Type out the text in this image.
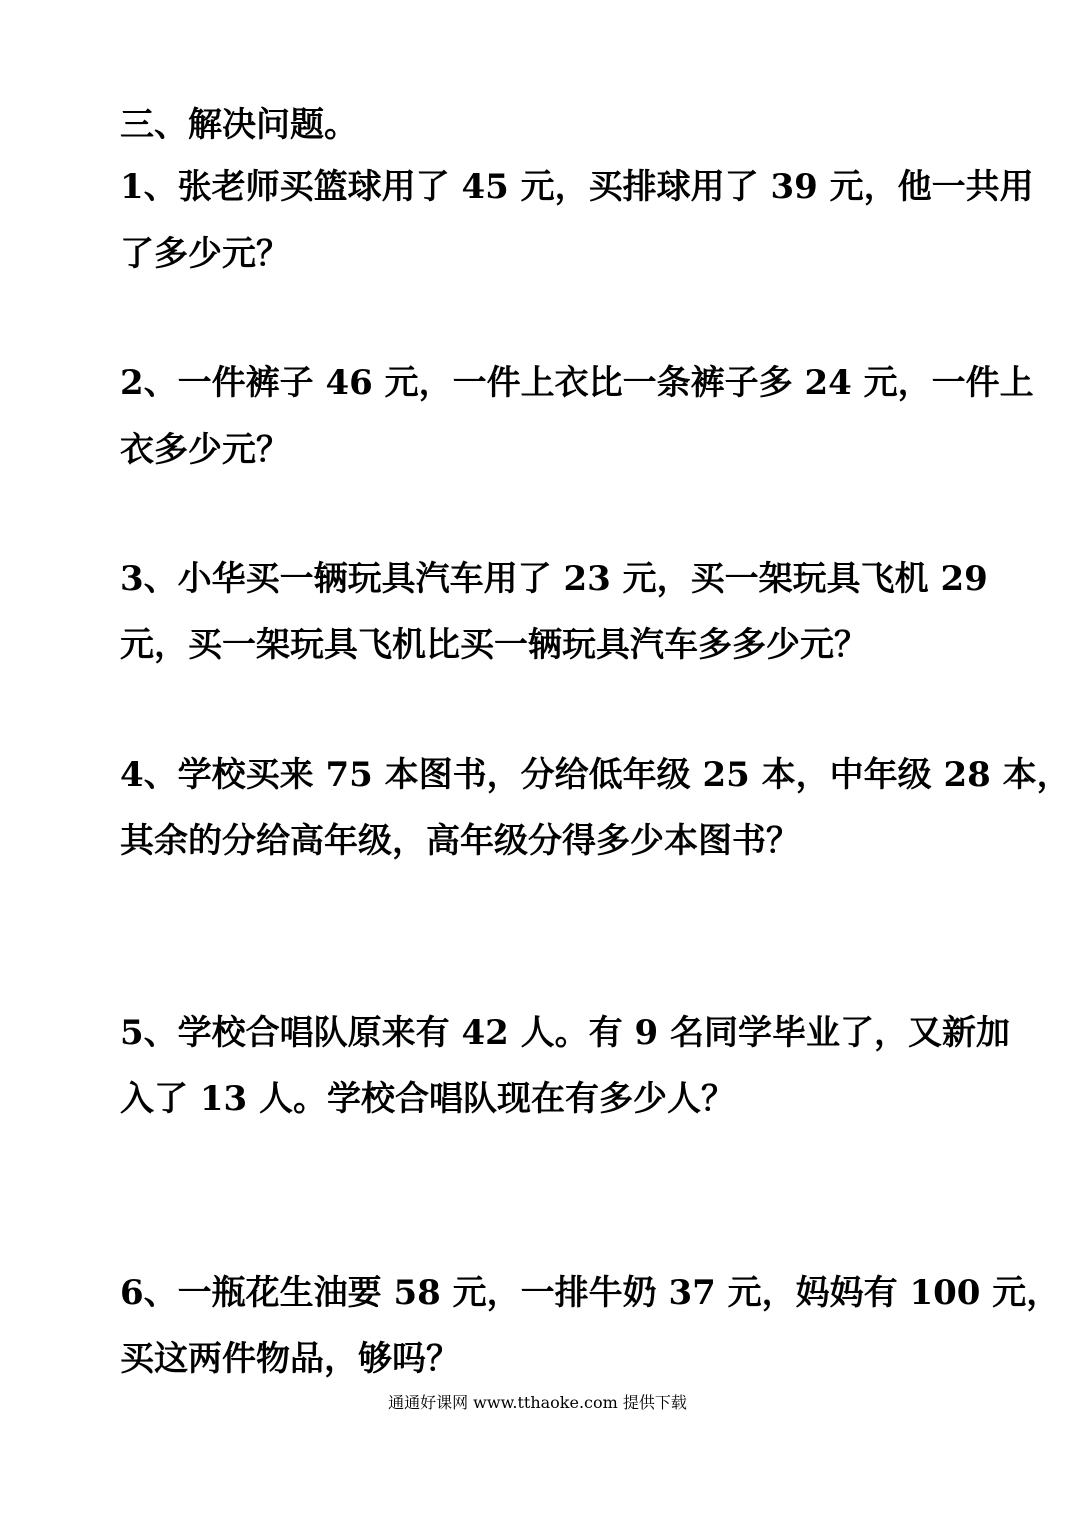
三、解决问题。
1、张老师买篮球用了 45 元，买排球用了 39 元，他一共用
了多少元？
2、一件裤子 46 元，一件上衣比一条裤子多 24 元，一件上
衣多少元？
3、小华买一辆玩具汽车用了 23 元，买一架玩具飞机 29
元，买一架玩具飞机比买一辆玩具汽车多多少元？
4、学校买来 75 本图书，分给低年级 25 本，中年级 28 本，
其余的分给高年级，高年级分得多少本图书？
5、学校合唱队原来有 42 人。有 9 名同学毕业了，又新加
入了 13 人。学校合唱队现在有多少人？
6、一瓶花生油要 58 元，一排牛奶 37 元，妈妈有 100 元，
买这两件物品，够吗？
通通好课网 www.tthaoke.com 提供下载
